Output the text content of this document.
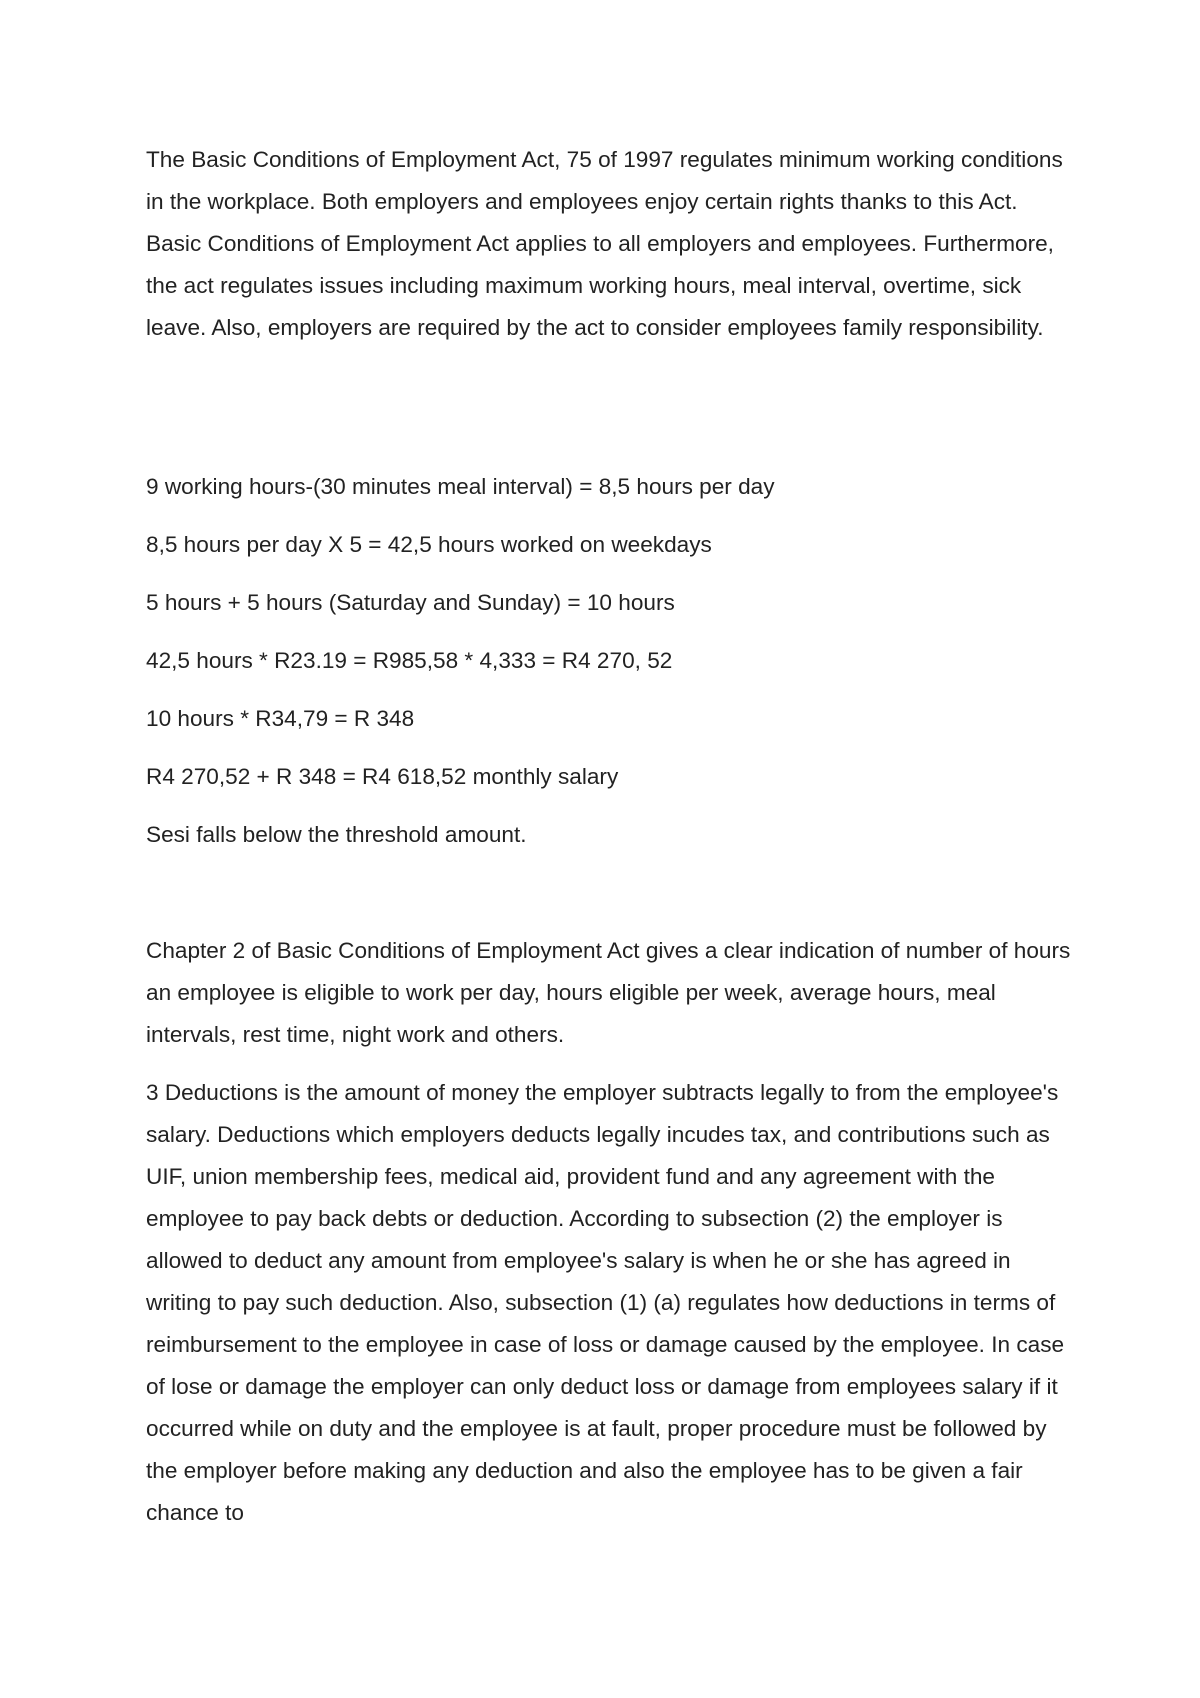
The Basic Conditions of Employment Act, 75 of 1997 regulates minimum working conditions in the workplace. Both employers and employees enjoy certain rights thanks to this Act. Basic Conditions of Employment Act applies to all employers and employees. Furthermore, the act regulates issues including maximum working hours, meal interval, overtime, sick leave. Also, employers are required by the act to consider employees family responsibility.

9 working hours-(30 minutes meal interval) = 8,5 hours per day

8,5 hours per day X 5 = 42,5 hours worked on weekdays

5 hours + 5 hours (Saturday and Sunday) = 10 hours

42,5 hours * R23.19 = R985,58 * 4,333 = R4 270, 52

10 hours * R34,79 = R 348

R4 270,52 + R 348 = R4 618,52 monthly salary

Sesi falls below the threshold amount.

Chapter 2 of Basic Conditions of Employment Act gives a clear indication of number of hours an employee is eligible to work per day, hours eligible per week, average hours, meal intervals, rest time, night work and others.

3 Deductions is the amount of money the employer subtracts legally to from the employee's salary. Deductions which employers deducts legally incudes tax, and contributions such as UIF, union membership fees, medical aid, provident fund and any agreement with the employee to pay back debts or deduction. According to subsection (2) the employer is allowed to deduct any amount from employee's salary is when he or she has agreed in writing to pay such deduction. Also, subsection (1) (a) regulates how deductions in terms of reimbursement to the employee in case of loss or damage caused by the employee. In case of lose or damage the employer can only deduct loss or damage from employees salary if it occurred while on duty and the employee is at fault, proper procedure must be followed by the employer before making any deduction and also the employee has to be given a fair chance to
